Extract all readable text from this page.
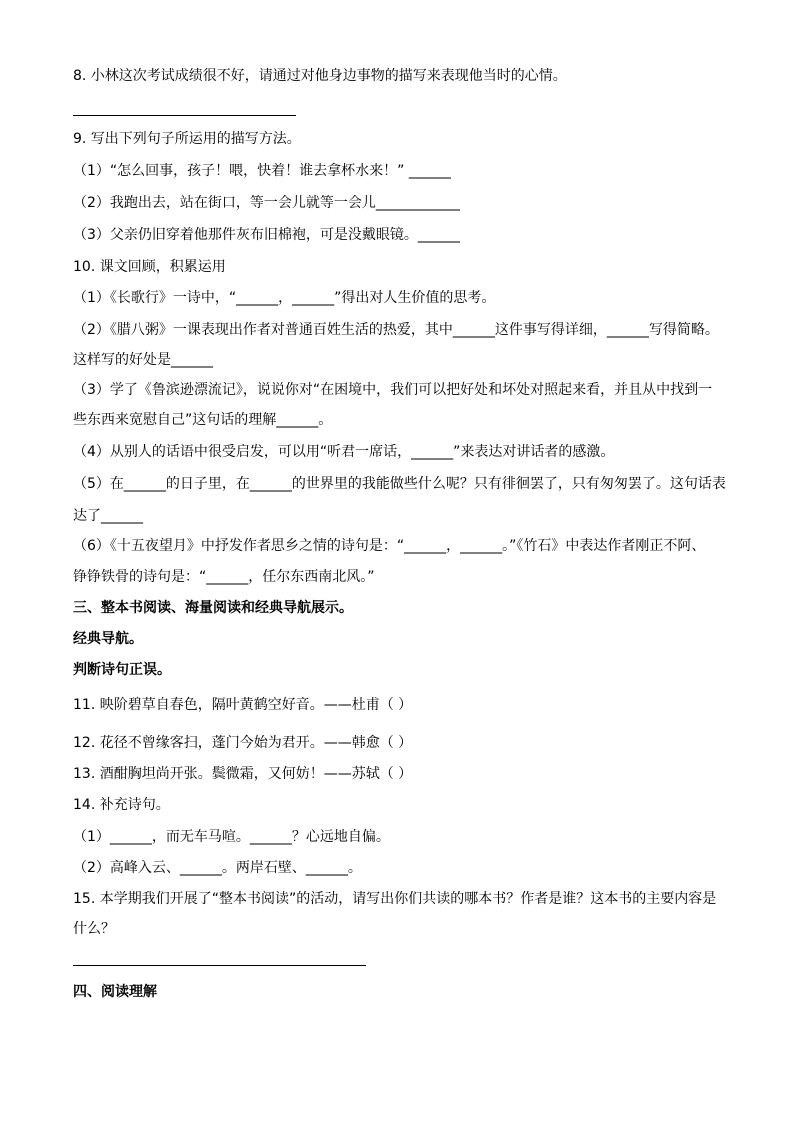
8. 小林这次考试成绩很不好，请通过对他身边事物的描写来表现他当时的心情。
9. 写出下列句子所运用的描写方法。
（1）“怎么回事，孩子！喂，快着！谁去拿杯水来！” ______
（2）我跑出去，站在街口，等一会儿就等一会儿____________
（3）父亲仍旧穿着他那件灰布旧棉袍，可是没戴眼镜。______
10. 课文回顾，积累运用
（1）《长歌行》一诗中，“______，______”得出对人生价值的思考。
（2）《腊八粥》一课表现出作者对普通百姓生活的热爱，其中______这件事写得详细，______写得简略。
这样写的好处是______
（3）学了《鲁滨逊漂流记》，说说你对“在困境中，我们可以把好处和坏处对照起来看，并且从中找到一
些东西来宽慰自己”这句话的理解______。
（4）从别人的话语中很受启发，可以用“听君一席话，______”来表达对讲话者的感激。
（5）在______的日子里，在______的世界里的我能做些什么呢？只有徘徊罢了，只有匆匆罢了。这句话表
达了______
（6）《十五夜望月》中抒发作者思乡之情的诗句是：“______，______。”《竹石》中表达作者刚正不阿、
铮铮铁骨的诗句是：“______，任尔东西南北风。”
三、整本书阅读、海量阅读和经典导航展示。
经典导航。
判断诗句正误。
11. 映阶碧草自春色，隔叶黄鹤空好音。——杜甫（ ）
12. 花径不曾缘客扫，蓬门今始为君开。——韩愈（ ）
13. 酒酣胸坦尚开张。鬓微霜，又何妨！——苏轼（ ）
14. 补充诗句。
（1）______，而无车马喧。______？心远地自偏。
（2）高峰入云、______。两岸石壁、______。
15. 本学期我们开展了“整本书阅读”的活动，请写出你们共读的哪本书？作者是谁？这本书的主要内容是
什么？
四、阅读理解
